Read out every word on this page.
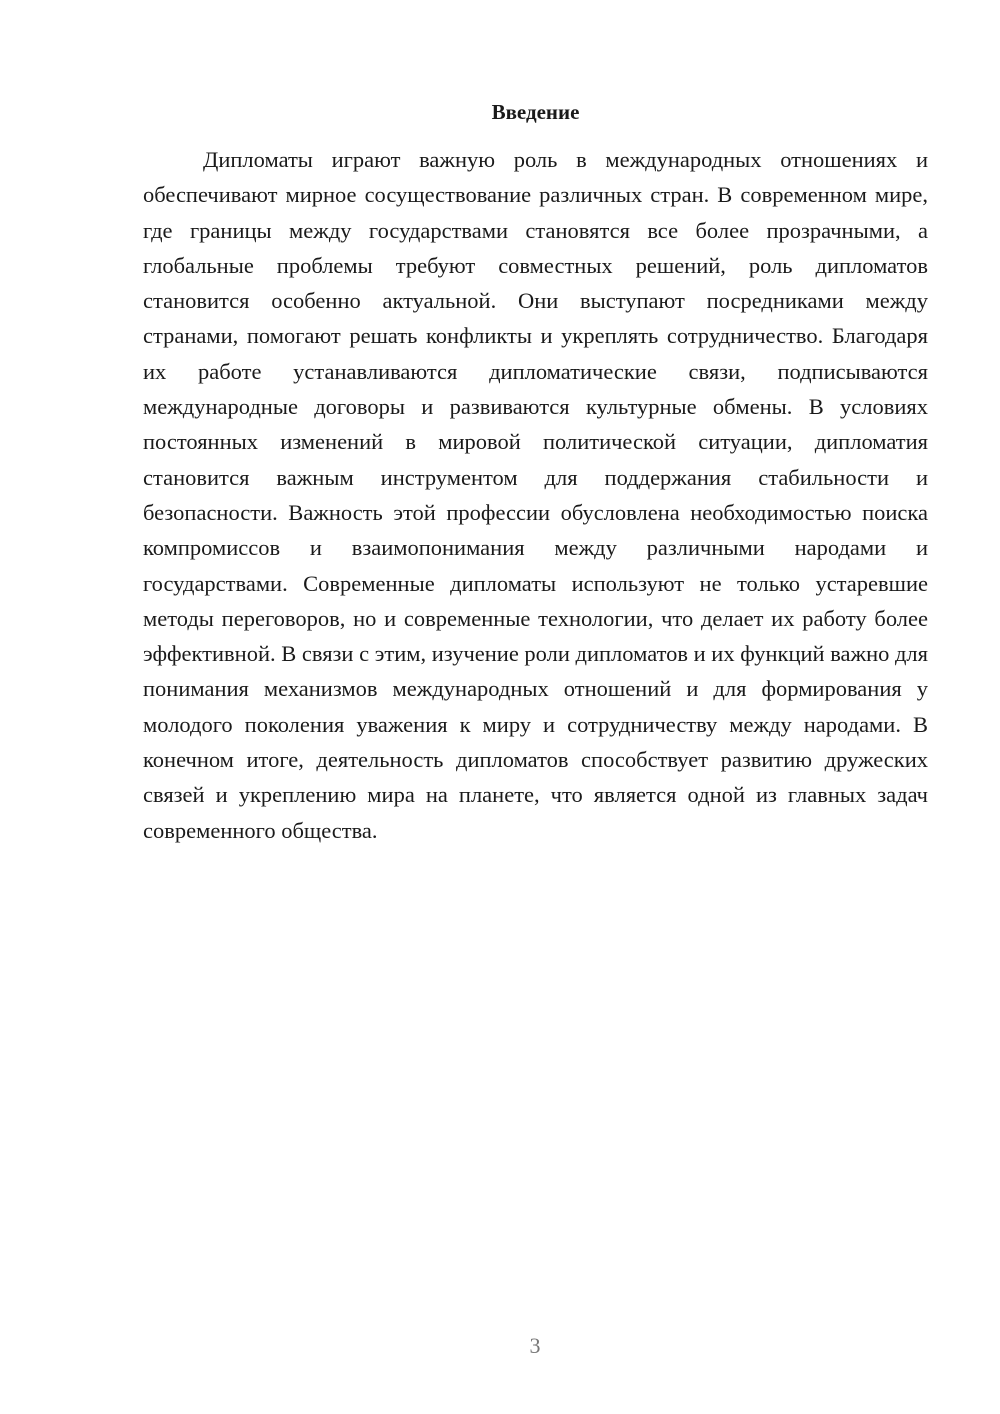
Введение

Дипломаты играют важную роль в международных отношениях и обеспечивают мирное сосуществование различных стран. В современном мире, где границы между государствами становятся все более прозрачными, а глобальные проблемы требуют совместных решений, роль дипломатов становится особенно актуальной. Они выступают посредниками между странами, помогают решать конфликты и укреплять сотрудничество. Благодаря их работе устанавливаются дипломатические связи, подписываются международные договоры и развиваются культурные обмены. В условиях постоянных изменений в мировой политической ситуации, дипломатия становится важным инструментом для поддержания стабильности и безопасности. Важность этой профессии обусловлена необходимостью поиска компромиссов и взаимопонимания между различными народами и государствами. Современные дипломаты используют не только устаревшие методы переговоров, но и современные технологии, что делает их работу более эффективной. В связи с этим, изучение роли дипломатов и их функций важно для понимания механизмов международных отношений и для формирования у молодого поколения уважения к миру и сотрудничеству между народами. В конечном итоге, деятельность дипломатов способствует развитию дружеских связей и укреплению мира на планете, что является одной из главных задач современного общества.

3
